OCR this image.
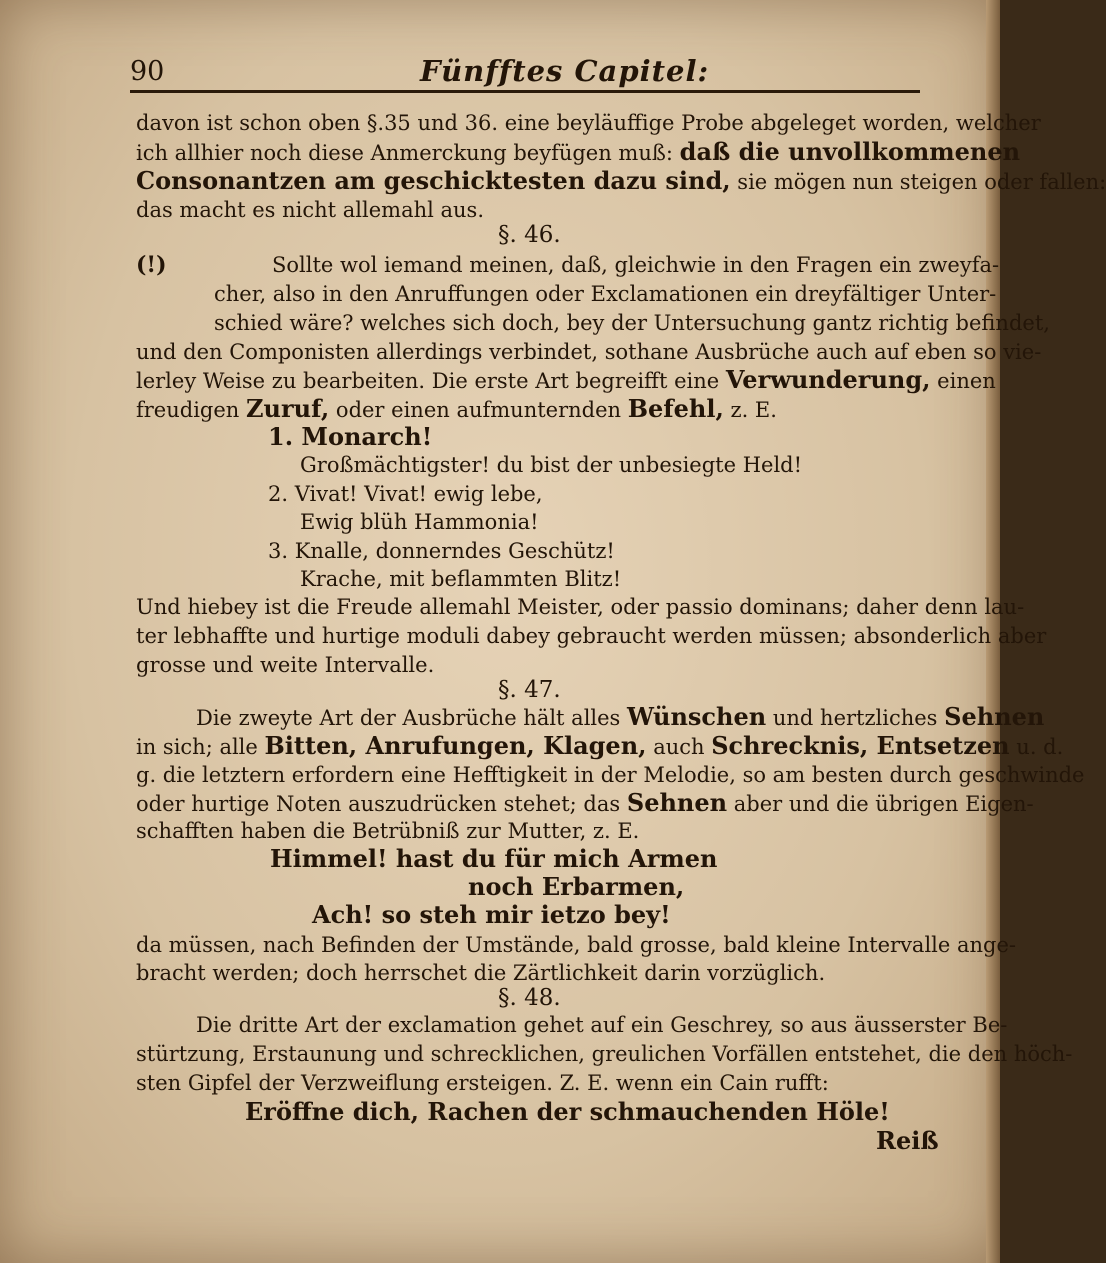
90	Fünfftes Capitel:
davon ist schon oben §.35 und 36. eine beyläuffige Probe abgeleget worden, welcher
ich allhier noch diese Anmerckung beyfügen muß: daß die unvollkommenen
Consonantzen am geschicktesten dazu sind, sie mögen nun steigen oder fallen:
das macht es nicht allemahl aus.
§. 46.
(!)	Sollte wol iemand meinen, daß, gleichwie in den Fragen ein zweyfa-
cher, also in den Anruffungen oder Exclamationen ein dreyfältiger Unter-
schied wäre? welches sich doch, bey der Untersuchung gantz richtig befindet,
und den Componisten allerdings verbindet, sothane Ausbrüche auch auf eben so vie-
lerley Weise zu bearbeiten. Die erste Art begreifft eine Verwunderung, einen
freudigen Zuruf, oder einen aufmunternden Befehl, z. E.
1. Monarch!
Großmächtigster! du bist der unbesiegte Held!
2. Vivat! Vivat! ewig lebe,
Ewig blüh Hammonia!
3. Knalle, donnerndes Geschütz!
Krache, mit beflammten Blitz!
Und hiebey ist die Freude allemahl Meister, oder passio dominans; daher denn lau-
ter lebhaffte und hurtige moduli dabey gebraucht werden müssen; absonderlich aber
grosse und weite Intervalle.
§. 47.
Die zweyte Art der Ausbrüche hält alles Wünschen und hertzliches Sehnen
in sich; alle Bitten, Anrufungen, Klagen, auch Schrecknis, Entsetzen u. d.
g. die letztern erfordern eine Hefftigkeit in der Melodie, so am besten durch geschwinde
oder hurtige Noten auszudrücken stehet; das Sehnen aber und die übrigen Eigen-
schafften haben die Betrübniß zur Mutter, z. E.
Himmel! hast du für mich Armen
noch Erbarmen,
Ach! so steh mir ietzo bey!
da müssen, nach Befinden der Umstände, bald grosse, bald kleine Intervalle ange-
bracht werden; doch herrschet die Zärtlichkeit darin vorzüglich.
§. 48.
Die dritte Art der exclamation gehet auf ein Geschrey, so aus äusserster Be-
stürtzung, Erstaunung und schrecklichen, greulichen Vorfällen entstehet, die den höch-
sten Gipfel der Verzweiflung ersteigen. Z. E. wenn ein Cain rufft:
Eröffne dich, Rachen der schmauchenden Höle!
Reiß
